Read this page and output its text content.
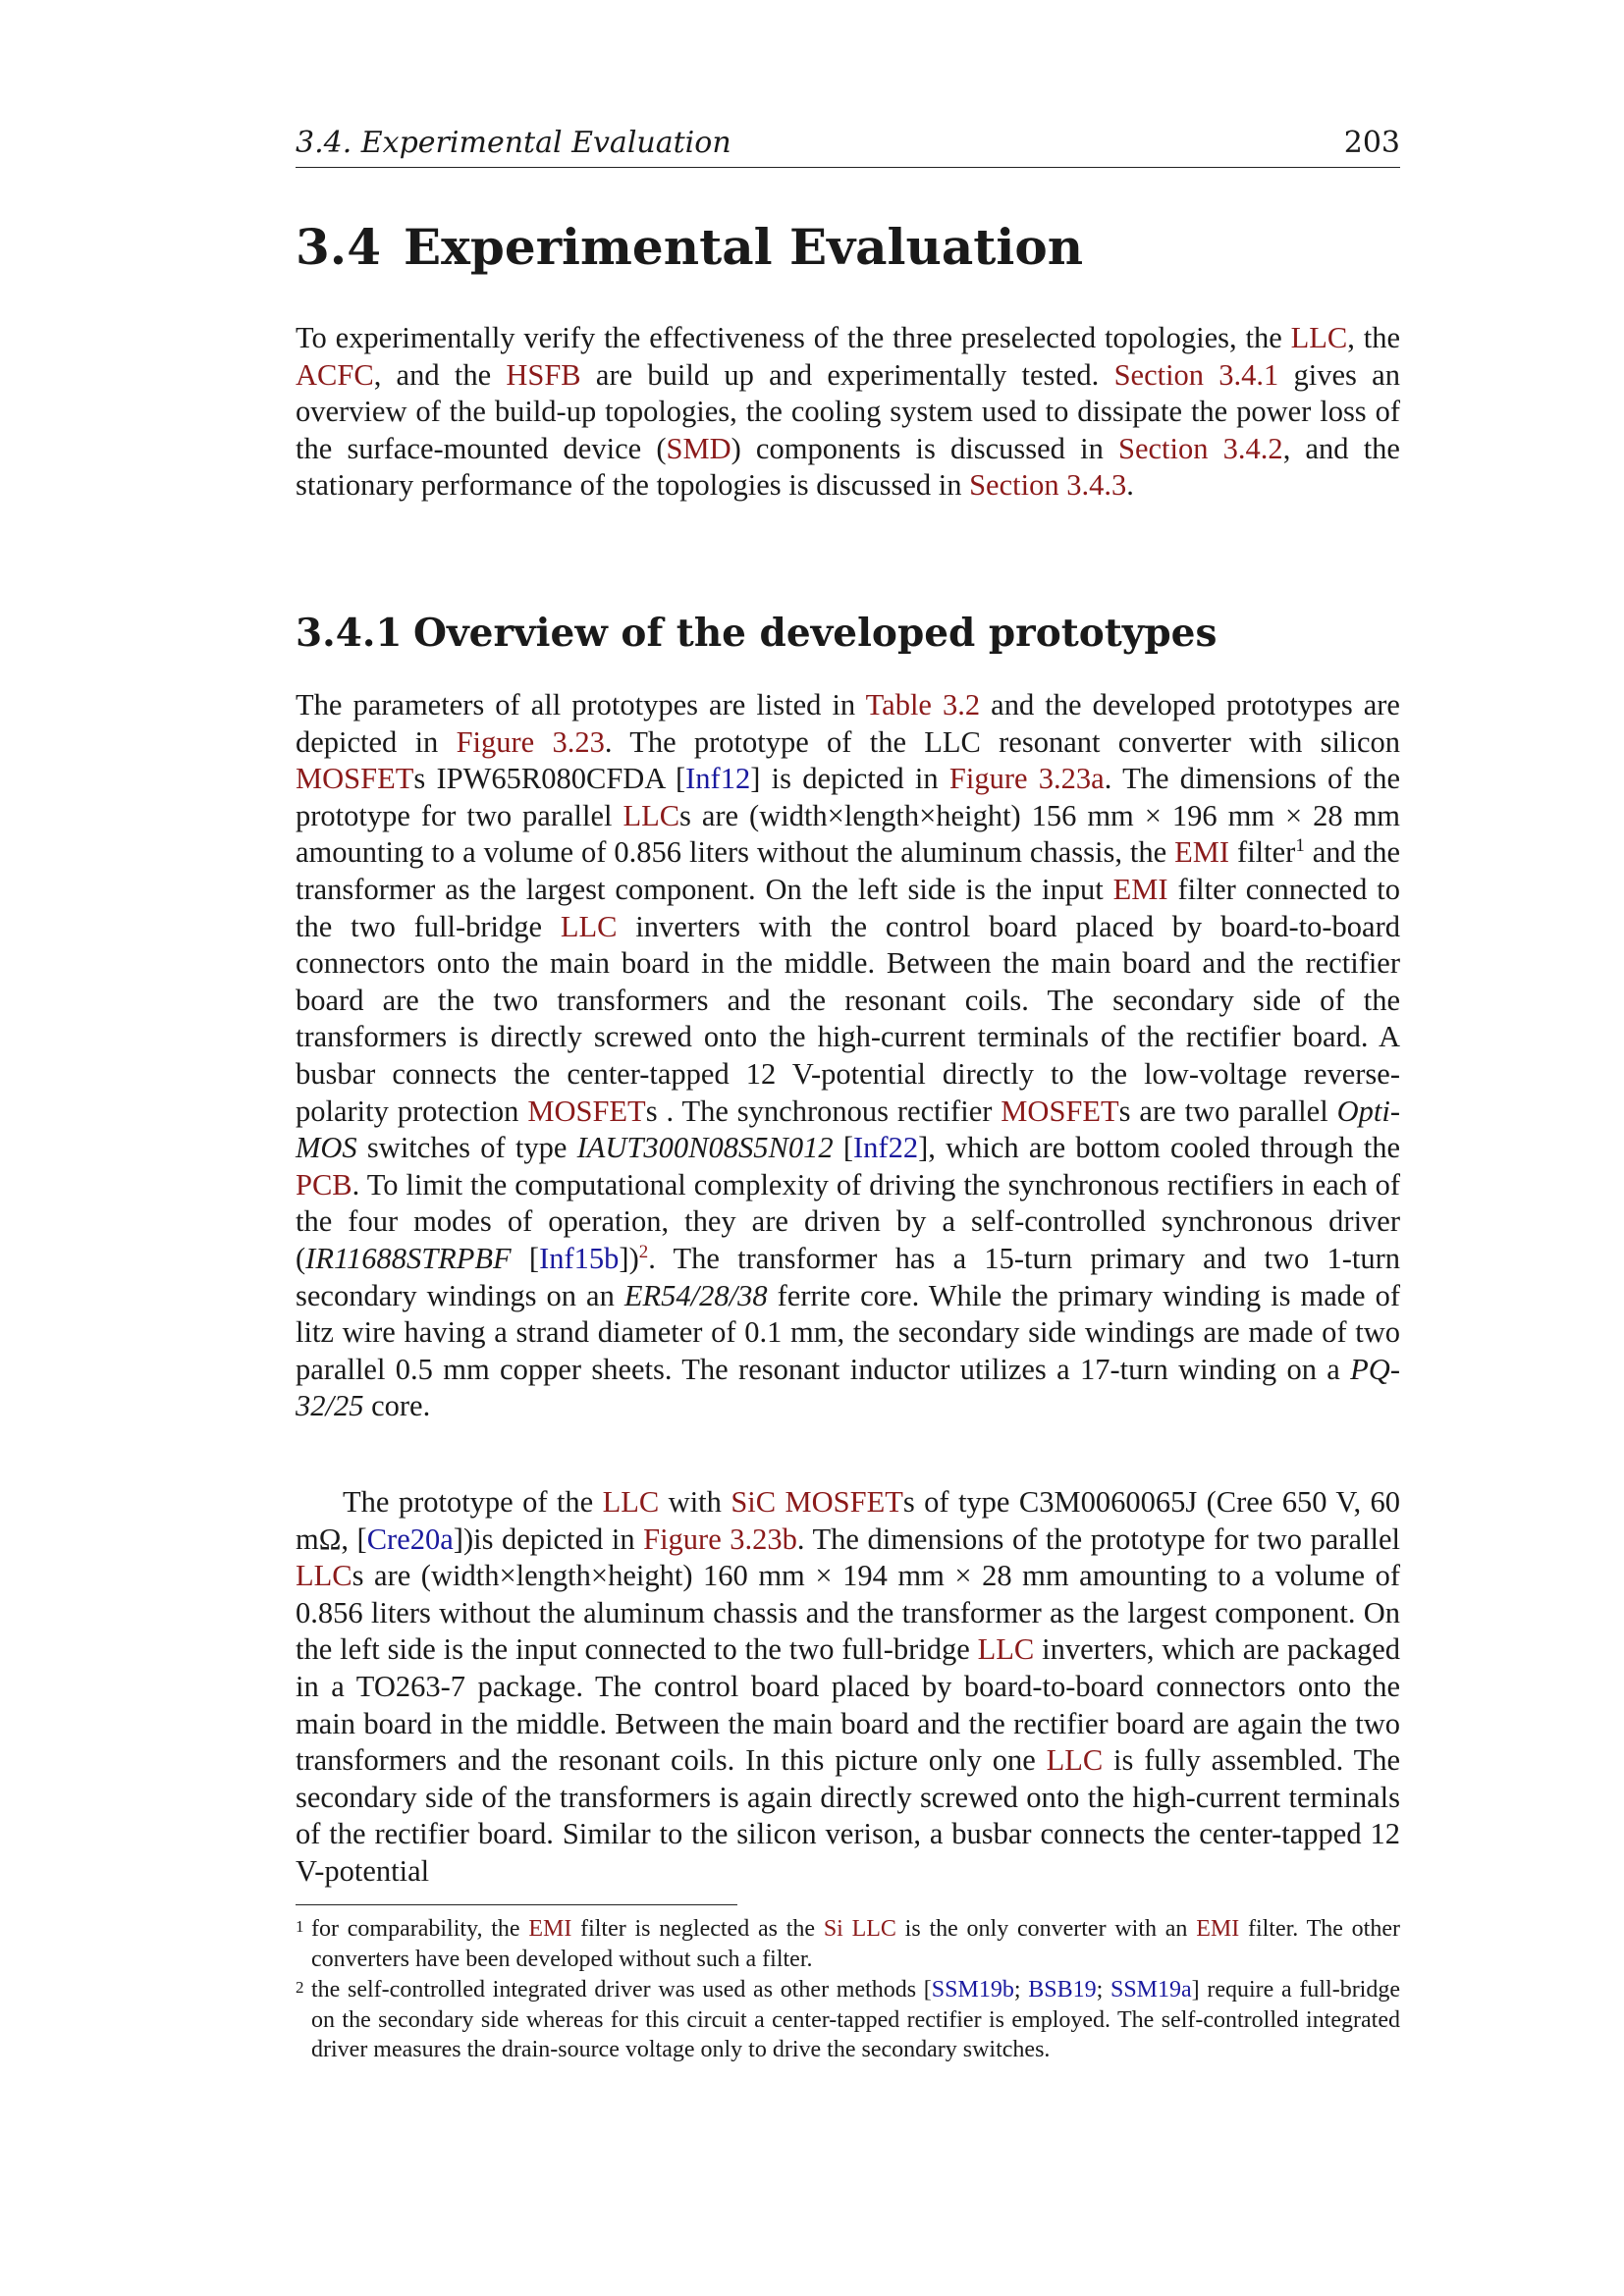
3.4. Experimental Evaluation	203
3.4 Experimental Evaluation

To experimentally verify the effectiveness of the three preselected topologies, the LLC, the ACFC, and the HSFB are build up and experimentally tested. Section 3.4.1 gives an overview of the build-up topologies, the cooling system used to dissipate the power loss of the surface-mounted device (SMD) components is discussed in Section 3.4.2, and the stationary performance of the topologies is discussed in Section 3.4.3.

3.4.1 Overview of the developed prototypes

The parameters of all prototypes are listed in Table 3.2 and the developed prototypes are depicted in Figure 3.23. The prototype of the LLC resonant converter with silicon MOSFETs IPW65R080CFDA [Inf12] is depicted in Figure 3.23a. The dimensions of the prototype for two parallel LLCs are (width×length×height) 156 mm × 196 mm × 28 mm amounting to a volume of 0.856 liters without the aluminum chassis, the EMI filter$^1$ and the transformer as the largest component. On the left side is the input EMI filter connected to the two full-bridge LLC inverters with the control board placed by board-to-board connectors onto the main board in the middle. Between the main board and the rectifier board are the two transformers and the resonant coils. The secondary side of the transformers is directly screwed onto the high-current terminals of the rectifier board. A busbar connects the center-tapped 12 V-potential directly to the low-voltage reverse-polarity protection MOSFETs . The synchronous rectifier MOSFETs are two parallel Opti-MOS switches of type IAUT300N08S5N012 [Inf22], which are bottom cooled through the PCB. To limit the computational complexity of driving the synchronous rectifiers in each of the four modes of operation, they are driven by a self-controlled synchronous driver (IR11688STRPBF [Inf15b])$^2$. The transformer has a 15-turn primary and two 1-turn secondary windings on an ER54/28/38 ferrite core. While the primary winding is made of litz wire having a strand diameter of 0.1 mm, the secondary side windings are made of two parallel 0.5 mm copper sheets. The resonant inductor utilizes a 17-turn winding on a PQ-32/25 core.

The prototype of the LLC with SiC MOSFETs of type C3M0060065J (Cree 650 V, 60 mΩ, [Cre20a])is depicted in Figure 3.23b. The dimensions of the prototype for two parallel LLCs are (width×length×height) 160 mm × 194 mm × 28 mm amounting to a volume of 0.856 liters without the aluminum chassis and the transformer as the largest component. On the left side is the input connected to the two full-bridge LLC inverters, which are packaged in a TO263-7 package. The control board placed by board-to-board connectors onto the main board in the middle. Between the main board and the rectifier board are again the two transformers and the resonant coils. In this picture only one LLC is fully assembled. The secondary side of the transformers is again directly screwed onto the high-current terminals of the rectifier board. Similar to the silicon verison, a busbar connects the center-tapped 12 V-potential

1 for comparability, the EMI filter is neglected as the Si LLC is the only converter with an EMI filter. The other converters have been developed without such a filter.
2 the self-controlled integrated driver was used as other methods [SSM19b; BSB19; SSM19a] require a full-bridge on the secondary side whereas for this circuit a center-tapped rectifier is employed. The self-controlled integrated driver measures the drain-source voltage only to drive the secondary switches.
